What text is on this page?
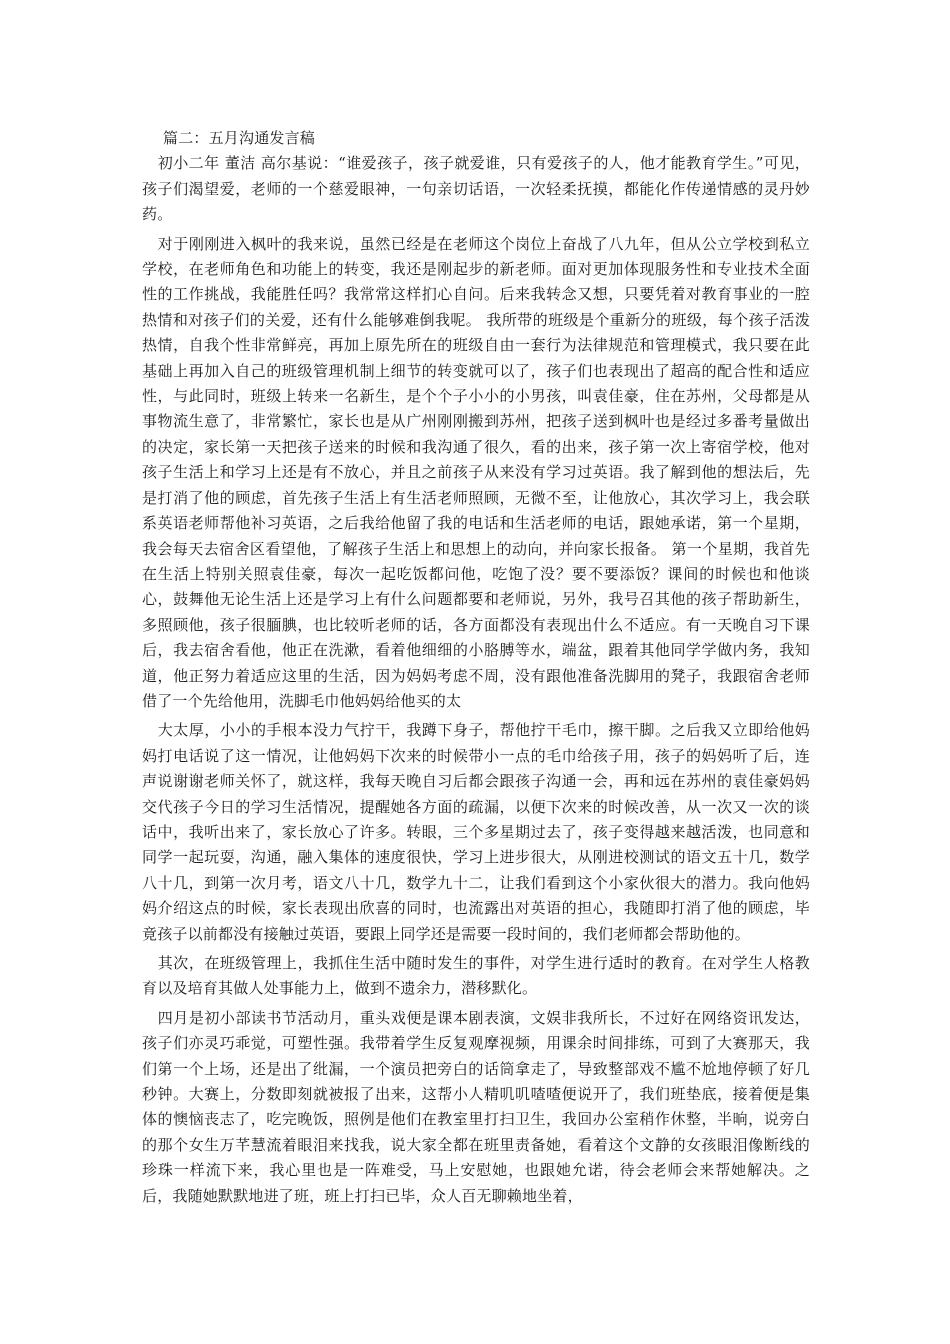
篇二：五月沟通发言稿

初小二年 董洁 高尔基说：“谁爱孩子，孩子就爱谁，只有爱孩子的人，他才能教育学生。”可见，孩子们渴望爱，老师的一个慈爱眼神，一句亲切话语，一次轻柔抚摸，都能化作传递情感的灵丹妙药。

对于刚刚进入枫叶的我来说，虽然已经是在老师这个岗位上奋战了八九年，但从公立学校到私立学校，在老师角色和功能上的转变，我还是刚起步的新老师。面对更加体现服务性和专业技术全面性的工作挑战，我能胜任吗？我常常这样扪心自问。后来我转念又想，只要凭着对教育事业的一腔热情和对孩子们的关爱，还有什么能够难倒我呢。 我所带的班级是个重新分的班级，每个孩子活泼热情，自我个性非常鲜亮，再加上原先所在的班级自由一套行为法律规范和管理模式，我只要在此基础上再加入自己的班级管理机制上细节的转变就可以了，孩子们也表现出了超高的配合性和适应性，与此同时，班级上转来一名新生，是个个子小小的小男孩，叫袁佳豪，住在苏州，父母都是从事物流生意了，非常繁忙，家长也是从广州刚刚搬到苏州，把孩子送到枫叶也是经过多番考量做出的决定，家长第一天把孩子送来的时候和我沟通了很久，看的出来，孩子第一次上寄宿学校，他对孩子生活上和学习上还是有不放心，并且之前孩子从来没有学习过英语。我了解到他的想法后，先是打消了他的顾虑，首先孩子生活上有生活老师照顾，无微不至，让他放心，其次学习上，我会联系英语老师帮他补习英语，之后我给他留了我的电话和生活老师的电话，跟她承诺，第一个星期，我会每天去宿舍区看望他，了解孩子生活上和思想上的动向，并向家长报备。 第一个星期，我首先在生活上特别关照袁佳豪，每次一起吃饭都问他，吃饱了没？要不要添饭？课间的时候也和他谈心，鼓舞他无论生活上还是学习上有什么问题都要和老师说，另外，我号召其他的孩子帮助新生，多照顾他，孩子很腼腆，也比较听老师的话，各方面都没有表现出什么不适应。有一天晚自习下课后，我去宿舍看他，他正在洗漱，看着他细细的小胳膊等水，端盆，跟着其他同学学做内务，我知道，他正努力着适应这里的生活，因为妈妈考虑不周，没有跟他准备洗脚用的凳子，我跟宿舍老师借了一个先给他用，洗脚毛巾他妈妈给他买的太

大太厚，小小的手根本没力气拧干，我蹲下身子，帮他拧干毛巾，擦干脚。之后我又立即给他妈妈打电话说了这一情况，让他妈妈下次来的时候带小一点的毛巾给孩子用，孩子的妈妈听了后，连声说谢谢老师关怀了，就这样，我每天晚自习后都会跟孩子沟通一会，再和远在苏州的袁佳豪妈妈交代孩子今日的学习生活情况，提醒她各方面的疏漏，以便下次来的时候改善，从一次又一次的谈话中，我听出来了，家长放心了许多。转眼，三个多星期过去了，孩子变得越来越活泼，也同意和同学一起玩耍，沟通，融入集体的速度很快，学习上进步很大，从刚进校测试的语文五十几，数学八十几，到第一次月考，语文八十几，数学九十二，让我们看到这个小家伙很大的潜力。我向他妈妈介绍这点的时候，家长表现出欣喜的同时，也流露出对英语的担心，我随即打消了他的顾虑，毕竟孩子以前都没有接触过英语，要跟上同学还是需要一段时间的，我们老师都会帮助他的。

其次，在班级管理上，我抓住生活中随时发生的事件，对学生进行适时的教育。在对学生人格教育以及培育其做人处事能力上，做到不遗余力，潜移默化。

四月是初小部读书节活动月，重头戏便是课本剧表演，文娱非我所长，不过好在网络资讯发达，孩子们亦灵巧乖觉，可塑性强。我带着学生反复观摩视频，用课余时间排练，可到了大赛那天，我们第一个上场，还是出了纰漏，一个演员把旁白的话筒拿走了，导致整部戏不尴不尬地停顿了好几秒钟。大赛上，分数即刻就被报了出来，这帮小人精叽叽喳喳便说开了，我们班垫底，接着便是集体的懊恼丧志了，吃完晚饭，照例是他们在教室里打扫卫生，我回办公室稍作休整，半晌，说旁白的那个女生万芊慧流着眼泪来找我，说大家全都在班里责备她，看着这个文静的女孩眼泪像断线的珍珠一样流下来，我心里也是一阵难受，马上安慰她，也跟她允诺，待会老师会来帮她解决。之后，我随她默默地进了班，班上打扫已毕，众人百无聊赖地坐着，
